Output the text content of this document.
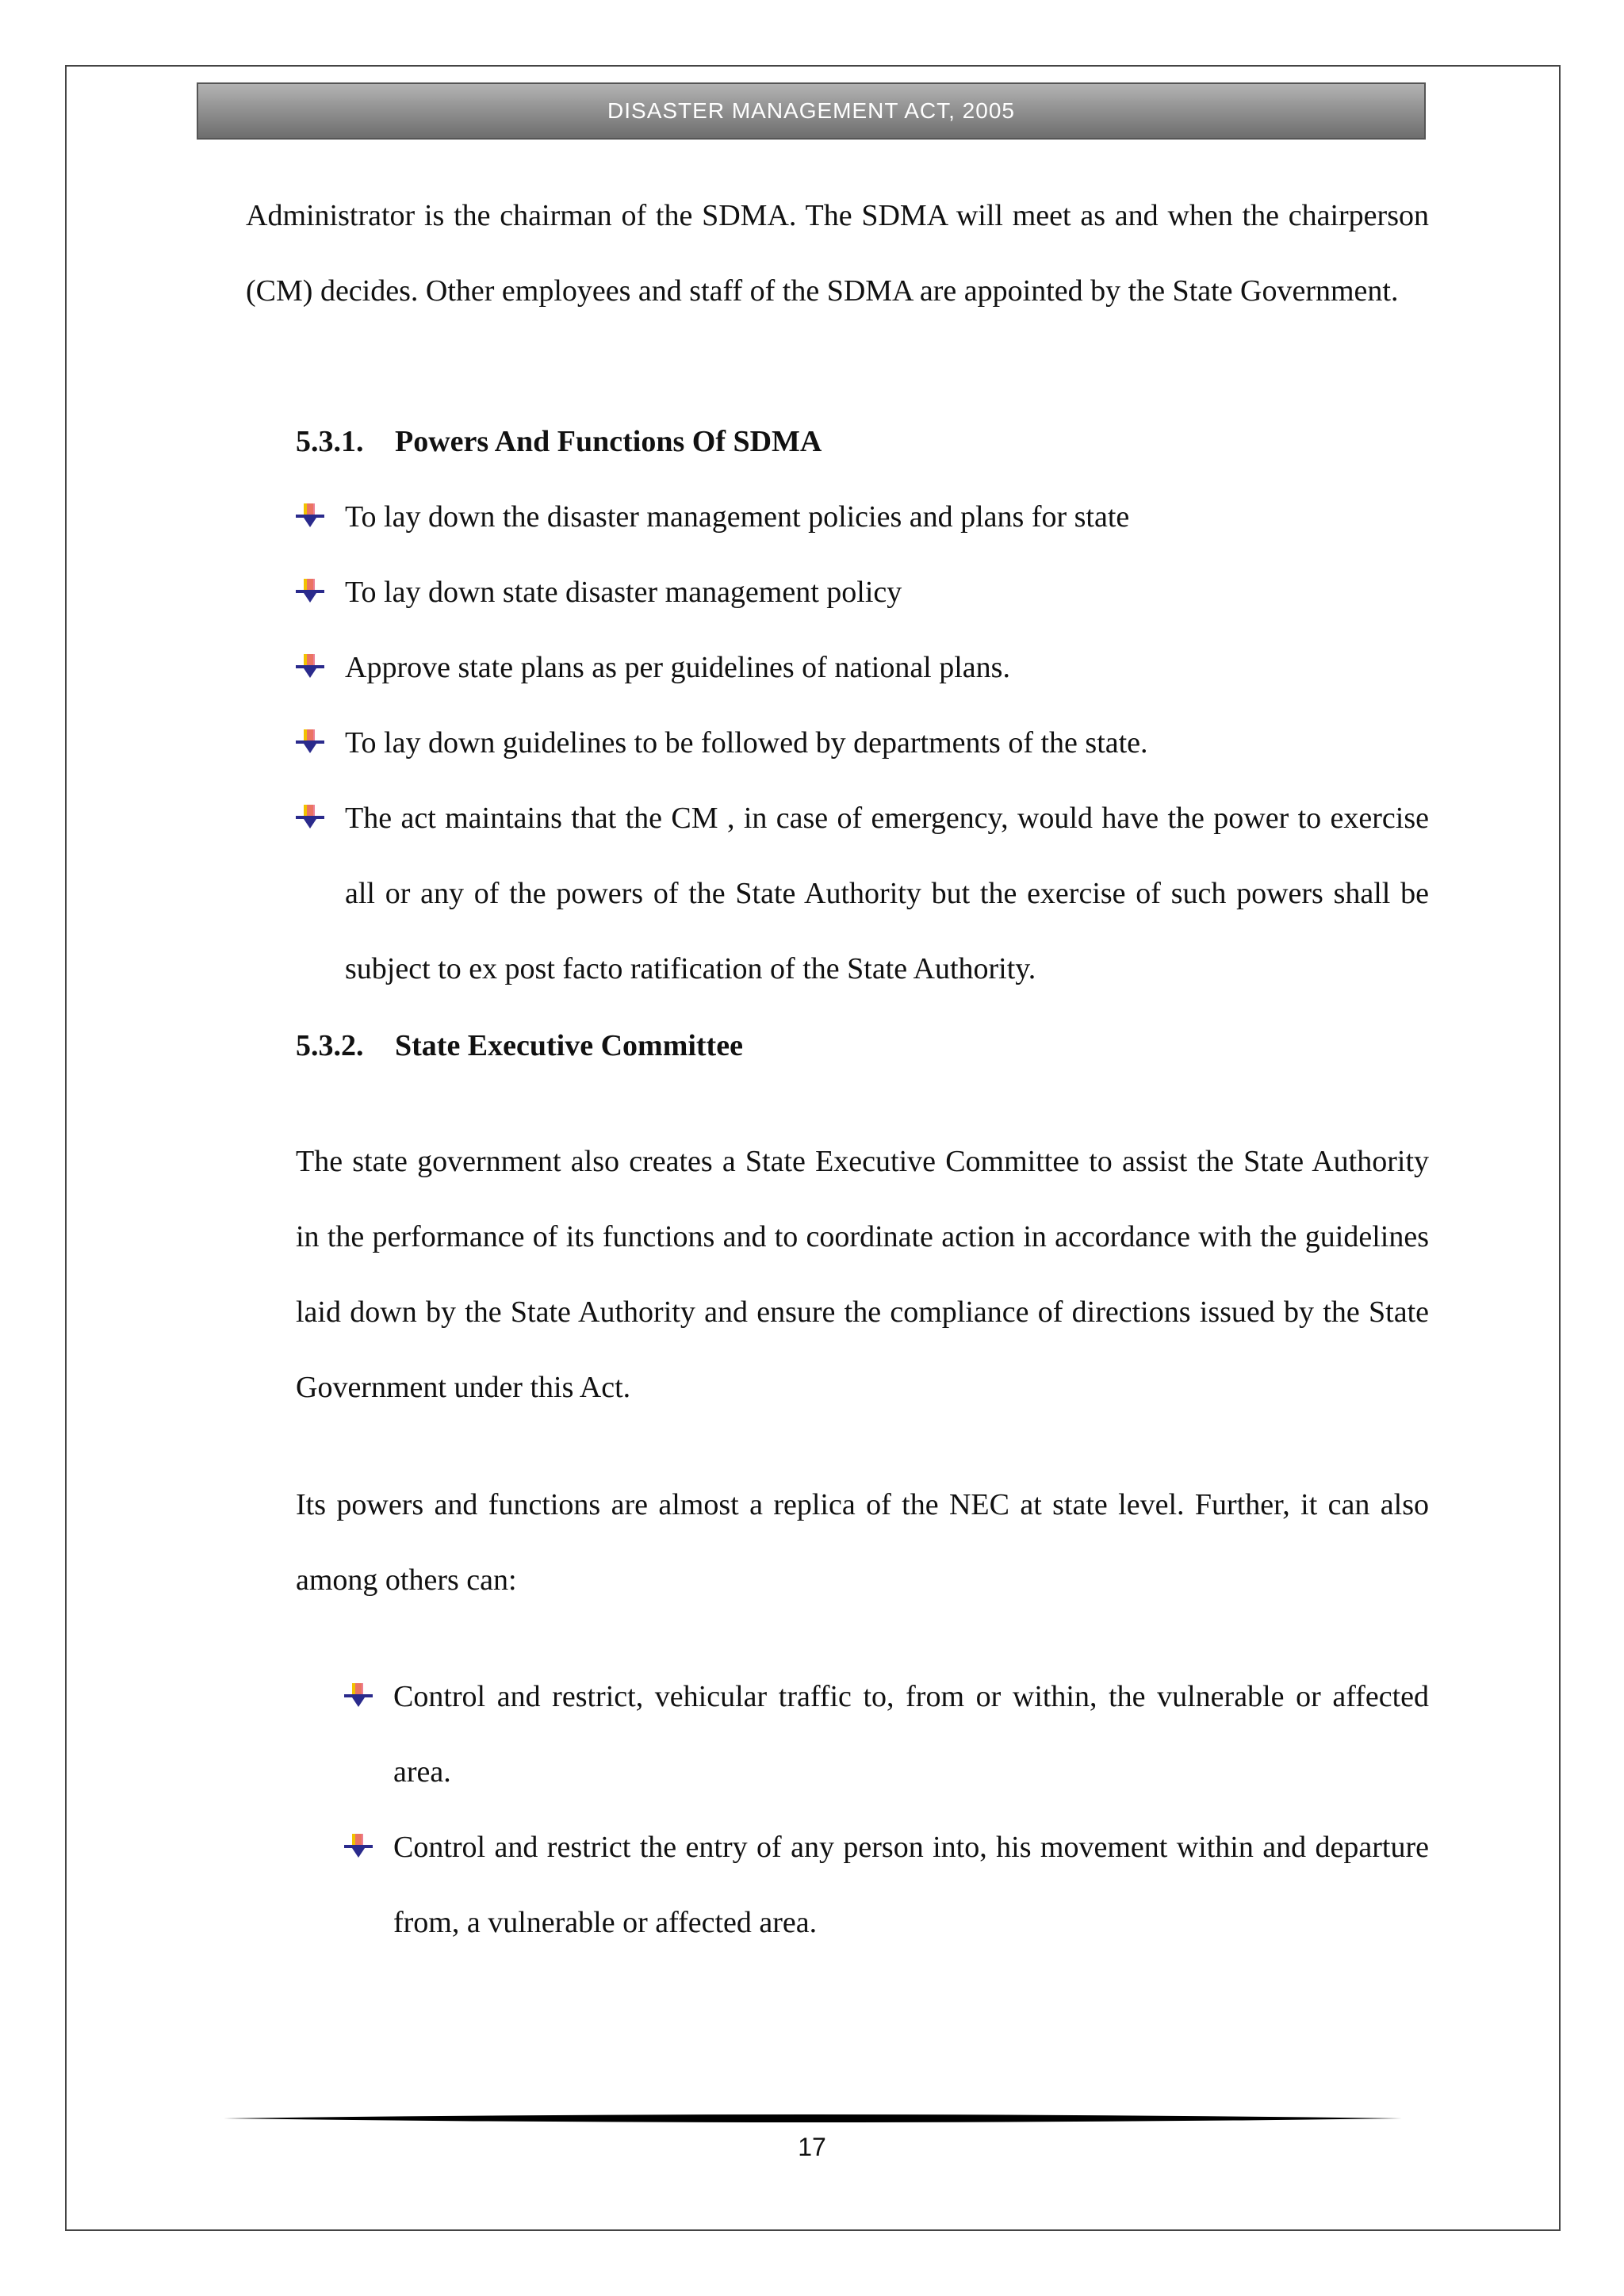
DISASTER MANAGEMENT ACT, 2005

Administrator is the chairman of the SDMA. The SDMA will meet as and when the chairperson (CM) decides. Other employees and staff of the SDMA are appointed by the State Government.

5.3.1. Powers And Functions Of SDMA
To lay down the disaster management policies and plans for state
To lay down state disaster management policy
Approve state plans as per guidelines of national plans.
To lay down guidelines to be followed by departments of the state.
The act maintains that the CM , in case of emergency, would have the power to exercise all or any of the powers of the State Authority but the exercise of such powers shall be subject to ex post facto ratification of the State Authority.
5.3.2. State Executive Committee

The state government also creates a State Executive Committee to assist the State Authority in the performance of its functions and to coordinate action in accordance with the guidelines laid down by the State Authority and ensure the compliance of directions issued by the State Government under this Act.

Its powers and functions are almost a replica of the NEC at state level. Further, it can also among others can:

Control and restrict, vehicular traffic to, from or within, the vulnerable or affected area.
Control and restrict the entry of any person into, his movement within and departure from, a vulnerable or affected area.
17
